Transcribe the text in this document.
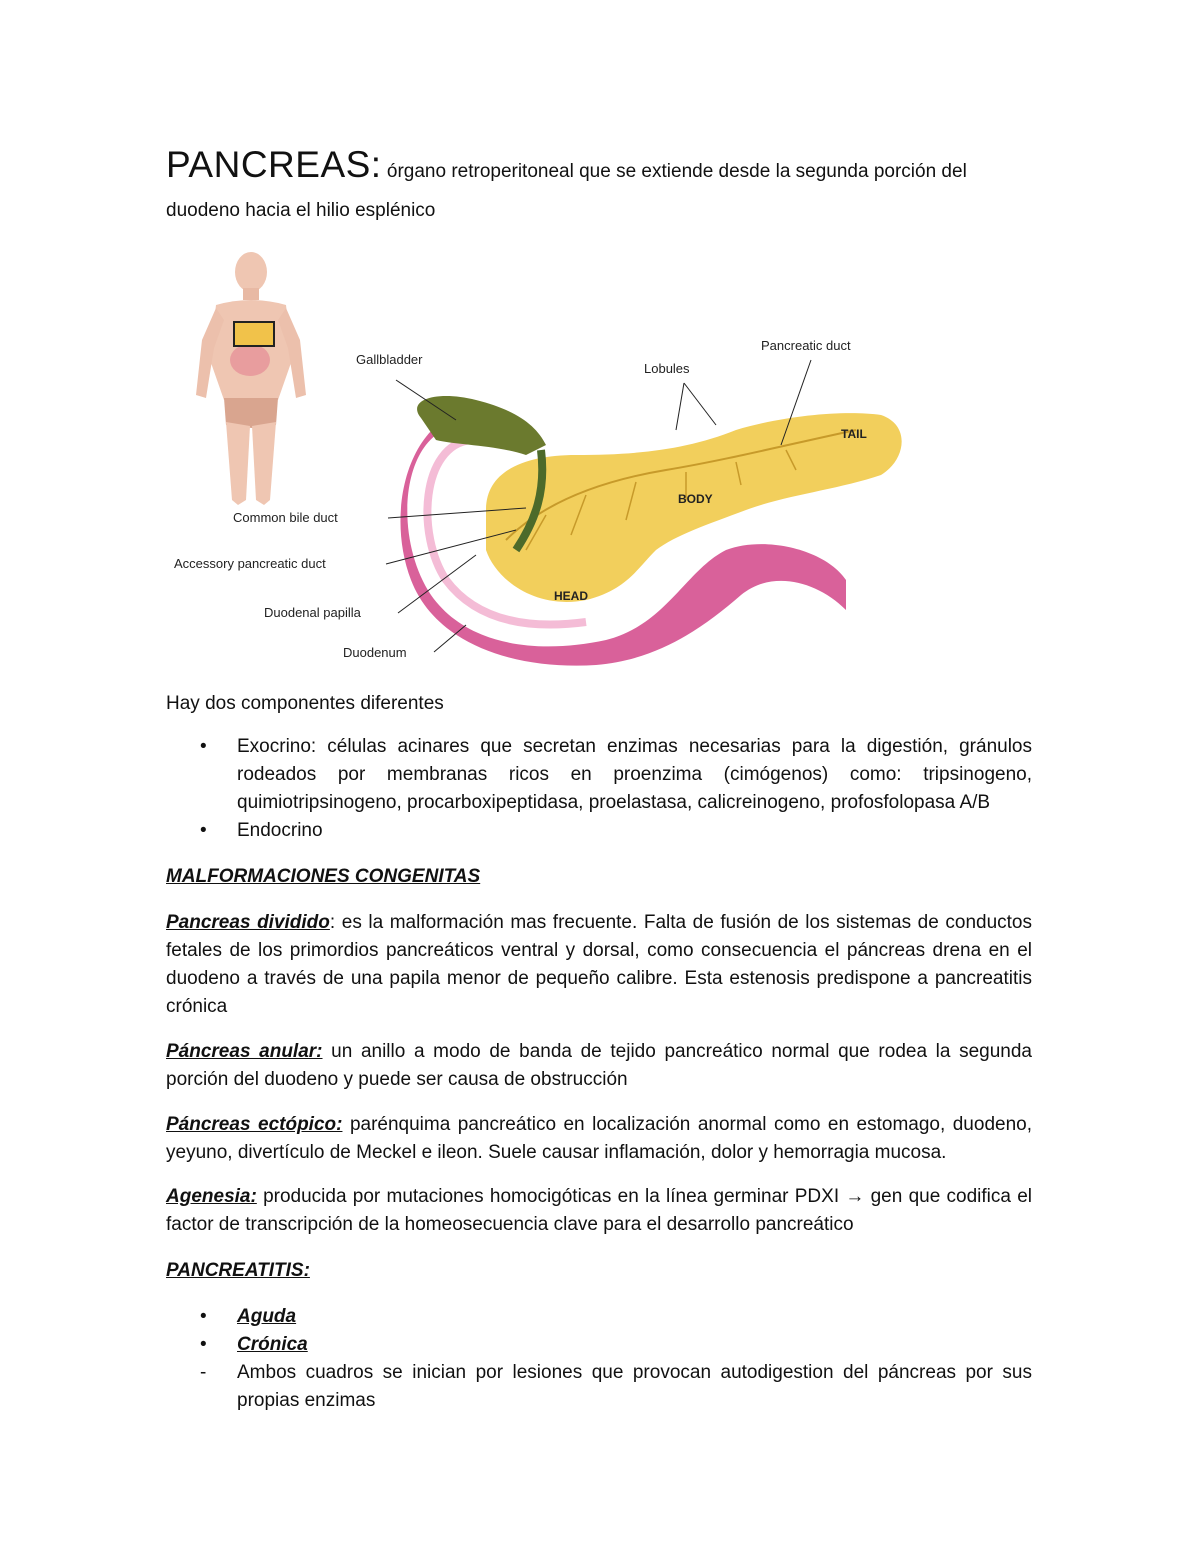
PANCREAS: órgano retroperitoneal que se extiende desde la segunda porción del
duodeno hacia el hilio esplénico
Gallbladder
Lobules
Pancreatic duct
TAIL
BODY
HEAD
Common bile duct
Accessory pancreatic duct
Duodenal papilla
Duodenum
Hay dos componentes diferentes
• Exocrino: células acinares que secretan enzimas necesarias para la digestión, gránulos rodeados por membranas ricos en proenzima (cimógenos) como: tripsinogeno, quimiotripsinogeno, procarboxipeptidasa, proelastasa, calicreinogeno, profosfolopasa A/B
• Endocrino
MALFORMACIONES CONGENITAS
Pancreas dividido: es la malformación mas frecuente. Falta de fusión de los sistemas de conductos fetales de los primordios pancreáticos ventral y dorsal, como consecuencia el páncreas drena en el duodeno a través de una papila menor de pequeño calibre. Esta estenosis predispone a pancreatitis crónica
Páncreas anular: un anillo a modo de banda de tejido pancreático normal que rodea la segunda porción del duodeno y puede ser causa de obstrucción
Páncreas ectópico: parénquima pancreático en localización anormal como en estomago, duodeno, yeyuno, divertículo de Meckel e ileon. Suele causar inflamación, dolor y hemorragia mucosa.
Agenesia: producida por mutaciones homocigóticas en la línea germinar PDXI → gen que codifica el factor de transcripción de la homeosecuencia clave para el desarrollo pancreático
PANCREATITIS:
• Aguda
• Crónica
- Ambos cuadros se inician por lesiones que provocan autodigestion del páncreas por sus propias enzimas
